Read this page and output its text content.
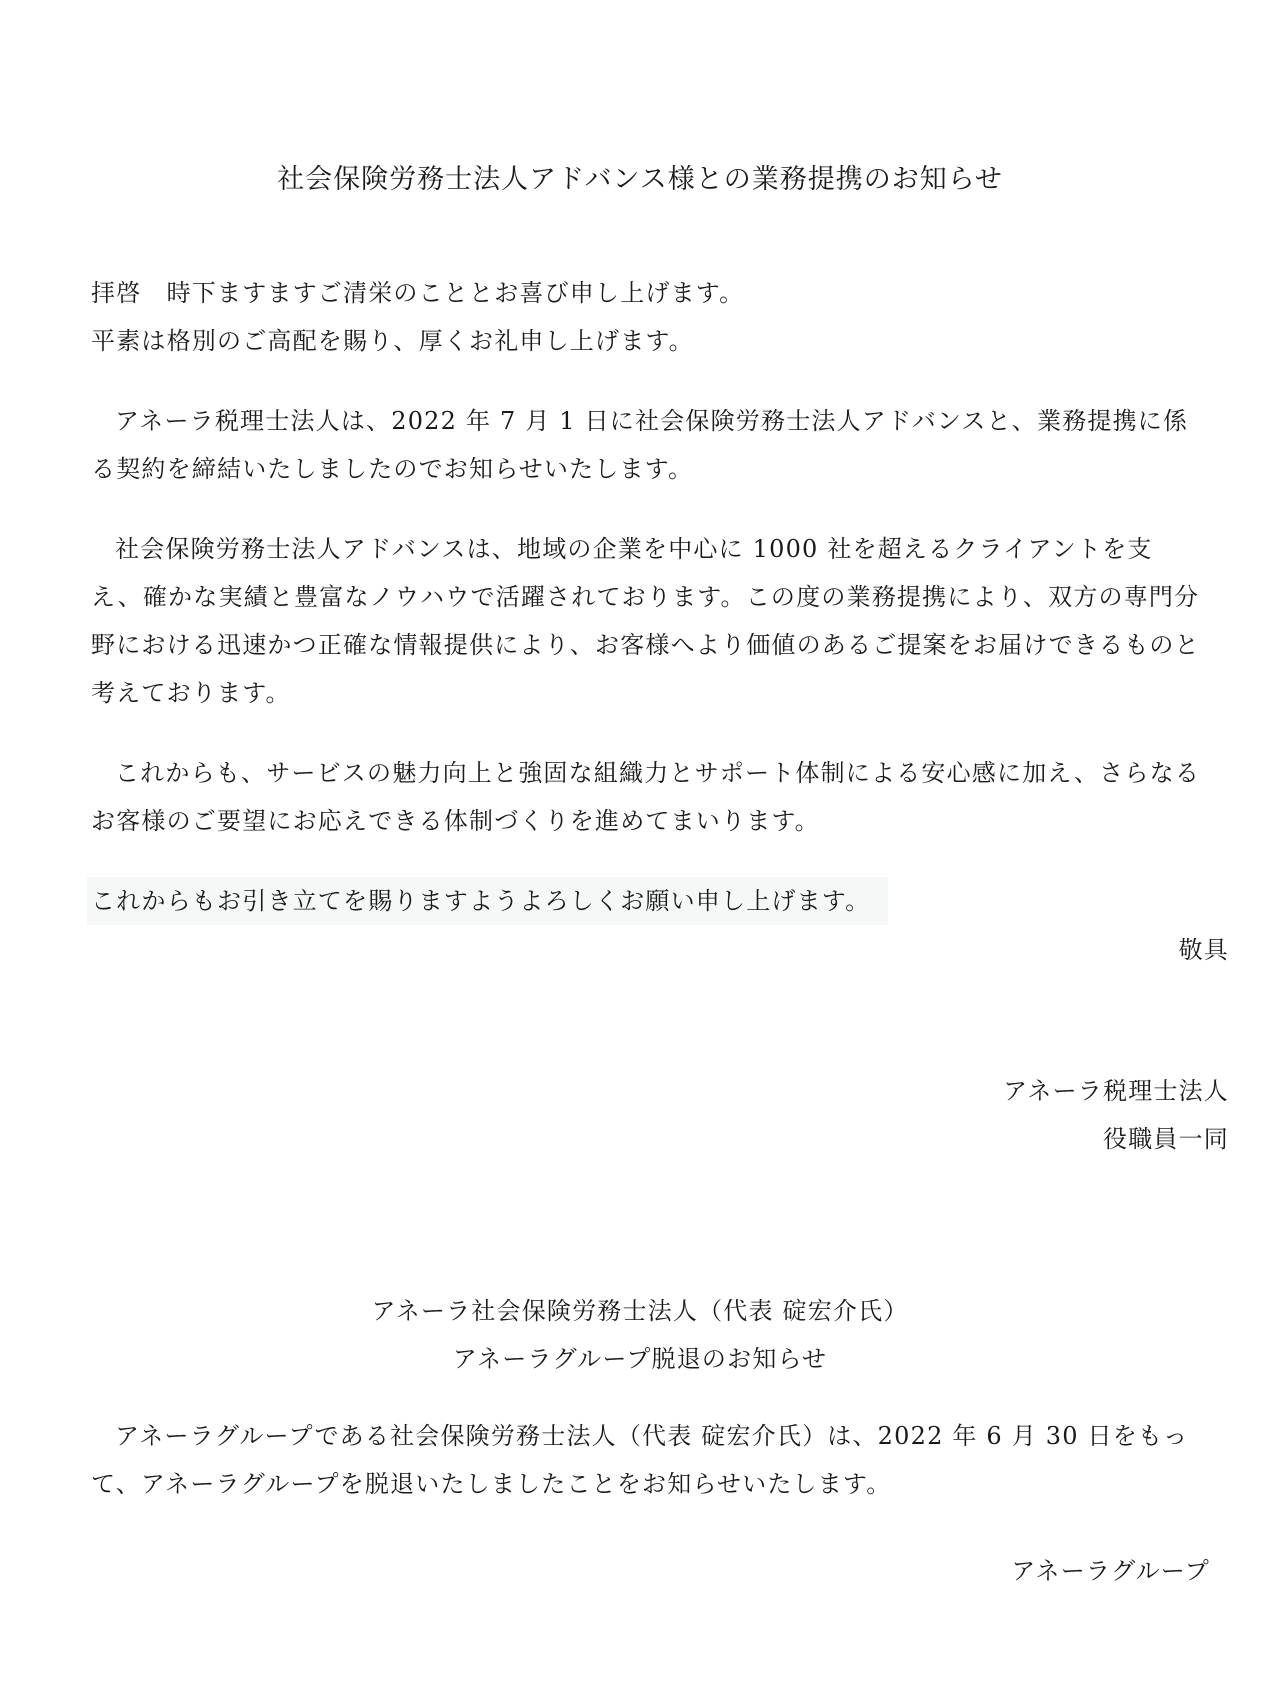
社会保険労務士法人アドバンス様との業務提携のお知らせ

拝啓　時下ますますご清栄のこととお喜び申し上げます。

平素は格別のご高配を賜り、厚くお礼申し上げます。

アネーラ税理士法人は、2022 年 7 月 1 日に社会保険労務士法人アドバンスと、業務提携に係る契約を締結いたしましたのでお知らせいたします。

社会保険労務士法人アドバンスは、地域の企業を中心に 1000 社を超えるクライアントを支え、確かな実績と豊富なノウハウで活躍されております。この度の業務提携により、双方の専門分野における迅速かつ正確な情報提供により、お客様へより価値のあるご提案をお届けできるものと考えております。

これからも、サービスの魅力向上と強固な組織力とサポート体制による安心感に加え、さらなるお客様のご要望にお応えできる体制づくりを進めてまいります。

これからもお引き立てを賜りますようよろしくお願い申し上げます。

敬具

アネーラ税理士法人

役職員一同

アネーラ社会保険労務士法人（代表 碇宏介氏）

アネーラグループ脱退のお知らせ

アネーラグループである社会保険労務士法人（代表 碇宏介氏）は、2022 年 6 月 30 日をもって、アネーラグループを脱退いたしましたことをお知らせいたします。

アネーラグループ
